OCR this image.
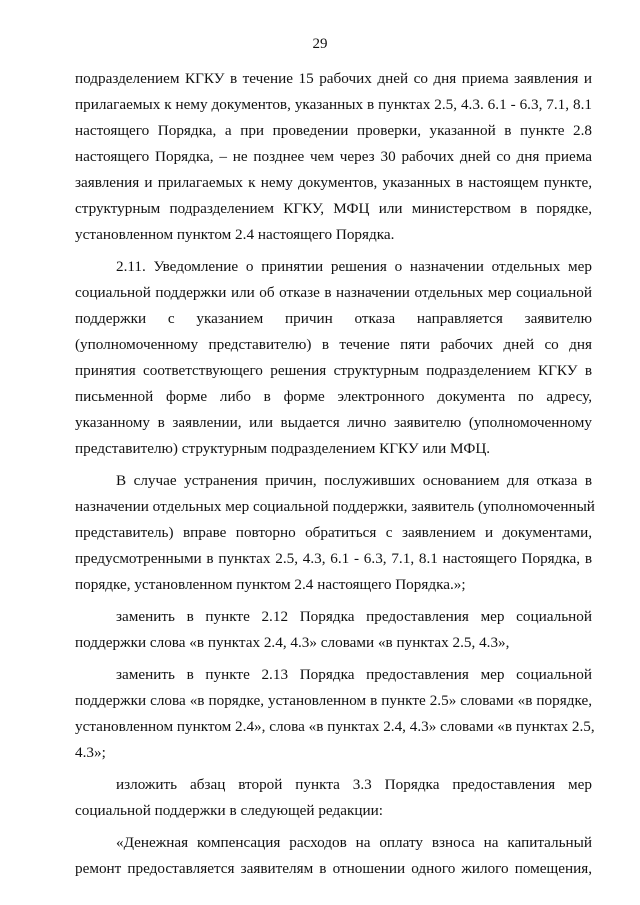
29
подразделением КГКУ в течение 15 рабочих дней со дня приема заявления и
прилагаемых к нему документов, указанных в пунктах 2.5, 4.3. 6.1 - 6.3, 7.1, 8.1
настоящего Порядка, а при проведении проверки, указанной в пункте 2.8
настоящего Порядка, – не позднее чем через 30 рабочих дней со дня приема
заявления и прилагаемых к нему документов, указанных в настоящем пункте,
структурным подразделением КГКУ, МФЦ или министерством в порядке,
установленном пунктом 2.4 настоящего Порядка.
2.11. Уведомление о принятии решения о назначении отдельных мер
социальной поддержки или об отказе в назначении отдельных мер социальной
поддержки с указанием причин отказа направляется заявителю
(уполномоченному представителю) в течение пяти рабочих дней со дня
принятия соответствующего решения структурным подразделением КГКУ в
письменной форме либо в форме электронного документа по адресу,
указанному в заявлении, или выдается лично заявителю (уполномоченному
представителю) структурным подразделением КГКУ или МФЦ.
В случае устранения причин, послуживших основанием для отказа в
назначении отдельных мер социальной поддержки, заявитель (уполномоченный
представитель) вправе повторно обратиться с заявлением и документами,
предусмотренными в пунктах 2.5, 4.3, 6.1 - 6.3, 7.1, 8.1 настоящего Порядка, в
порядке, установленном пунктом 2.4 настоящего Порядка.»;
заменить в пункте 2.12 Порядка предоставления мер социальной
поддержки слова «в пунктах 2.4, 4.3» словами «в пунктах 2.5, 4.3»,
заменить в пункте 2.13 Порядка предоставления мер социальной
поддержки слова «в порядке, установленном в пункте 2.5» словами «в порядке,
установленном пунктом 2.4», слова «в пунктах 2.4, 4.3» словами «в пунктах 2.5,
4.3»;
изложить абзац второй пункта 3.3 Порядка предоставления мер
социальной поддержки в следующей редакции:
«Денежная компенсация расходов на оплату взноса на капитальный
ремонт предоставляется заявителям в отношении одного жилого помещения,
